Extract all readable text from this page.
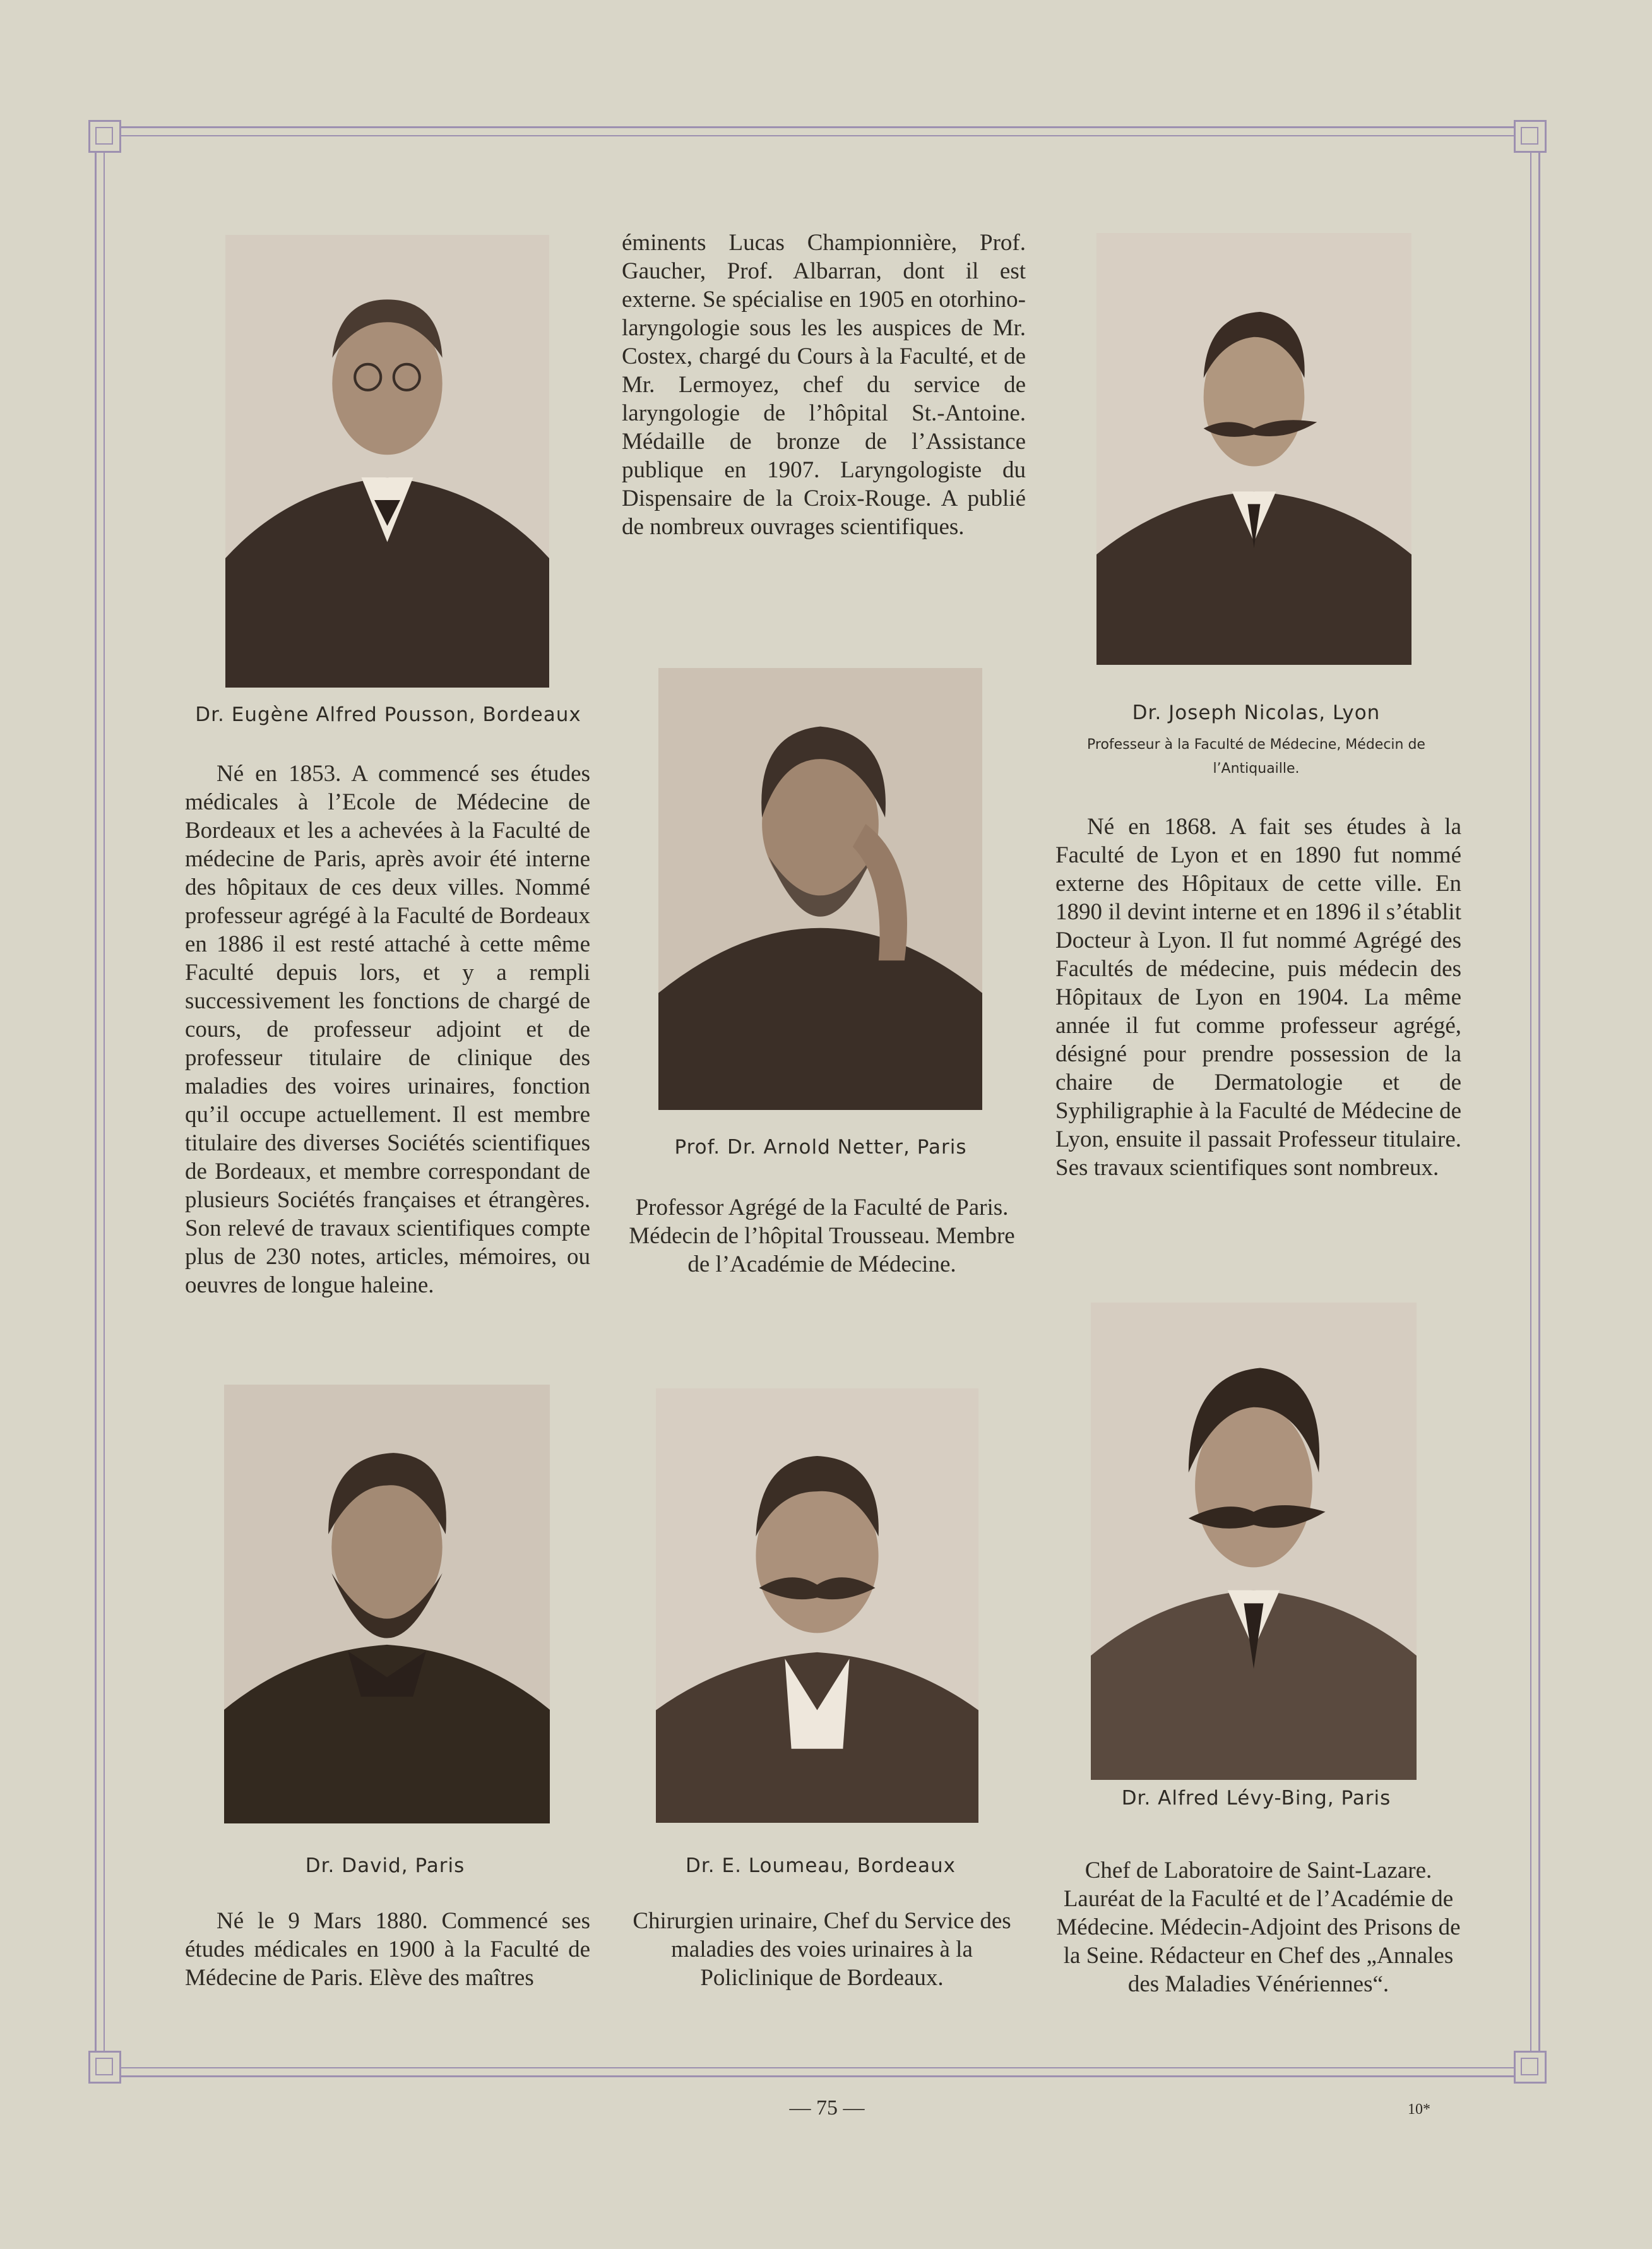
Dr. Eugène Alfred Pousson, Bordeaux
Né en 1853. A commencé ses études médicales à l’Ecole de Médecine de Bordeaux et les a achevées à la Faculté de médecine de Paris, après avoir été interne des hôpitaux de ces deux villes. Nommé professeur agrégé à la Faculté de Bordeaux en 1886 il est resté attaché à cette même Faculté depuis lors, et y a rempli successivement les fonctions de chargé de cours, de professeur adjoint et de professeur titulaire de clinique des maladies des voires urinaires, fonction qu’il occupe actuellement. Il est membre titulaire des diverses Sociétés scientifiques de Bordeaux, et membre correspondant de plusieurs Sociétés françaises et étrangères. Son relevé de travaux scientifiques compte plus de 230 notes, articles, mémoires, ou oeuvres de longue haleine.
éminents Lucas Championnière, Prof. Gaucher, Prof. Albarran, dont il est externe. Se spécialise en 1905 en otorhino-laryngologie sous les les auspices de Mr. Costex, chargé du Cours à la Faculté, et de Mr. Lermoyez, chef du service de laryngologie de l’hôpital St.-Antoine. Médaille de bronze de l’Assistance publique en 1907. Laryngologiste du Dispensaire de la Croix-Rouge. A publié de nombreux ouvrages scientifiques.
Prof. Dr. Arnold Netter, Paris
Professor Agrégé de la Faculté de Paris. Médecin de l’hôpital Trousseau. Membre de l’Académie de Médecine.
Dr. Joseph Nicolas, Lyon
Professeur à la Faculté de Médecine, Médecin de l’Antiquaille.
Né en 1868. A fait ses études à la Faculté de Lyon et en 1890 fut nommé externe des Hôpitaux de cette ville. En 1890 il devint interne et en 1896 il s’établit Docteur à Lyon. Il fut nommé Agrégé des Facultés de médecine, puis médecin des Hôpitaux de Lyon en 1904. La même année il fut comme professeur agrégé, désigné pour prendre possession de la chaire de Dermatologie et de Syphiligraphie à la Faculté de Médecine de Lyon, ensuite il passait Professeur titulaire. Ses travaux scientifiques sont nombreux.
Dr. David, Paris
Né le 9 Mars 1880. Commencé ses études médicales en 1900 à la Faculté de Médecine de Paris. Elève des maîtres
Dr. E. Loumeau, Bordeaux
Chirurgien urinaire, Chef du Service des maladies des voies urinaires à la Policlinique de Bordeaux.
Dr. Alfred Lévy-Bing, Paris
Chef de Laboratoire de Saint-Lazare. Lauréat de la Faculté et de l’Académie de Médecine. Médecin-Adjoint des Prisons de la Seine. Rédacteur en Chef des „Annales des Maladies Vénériennes“.
— 75 —	10*
